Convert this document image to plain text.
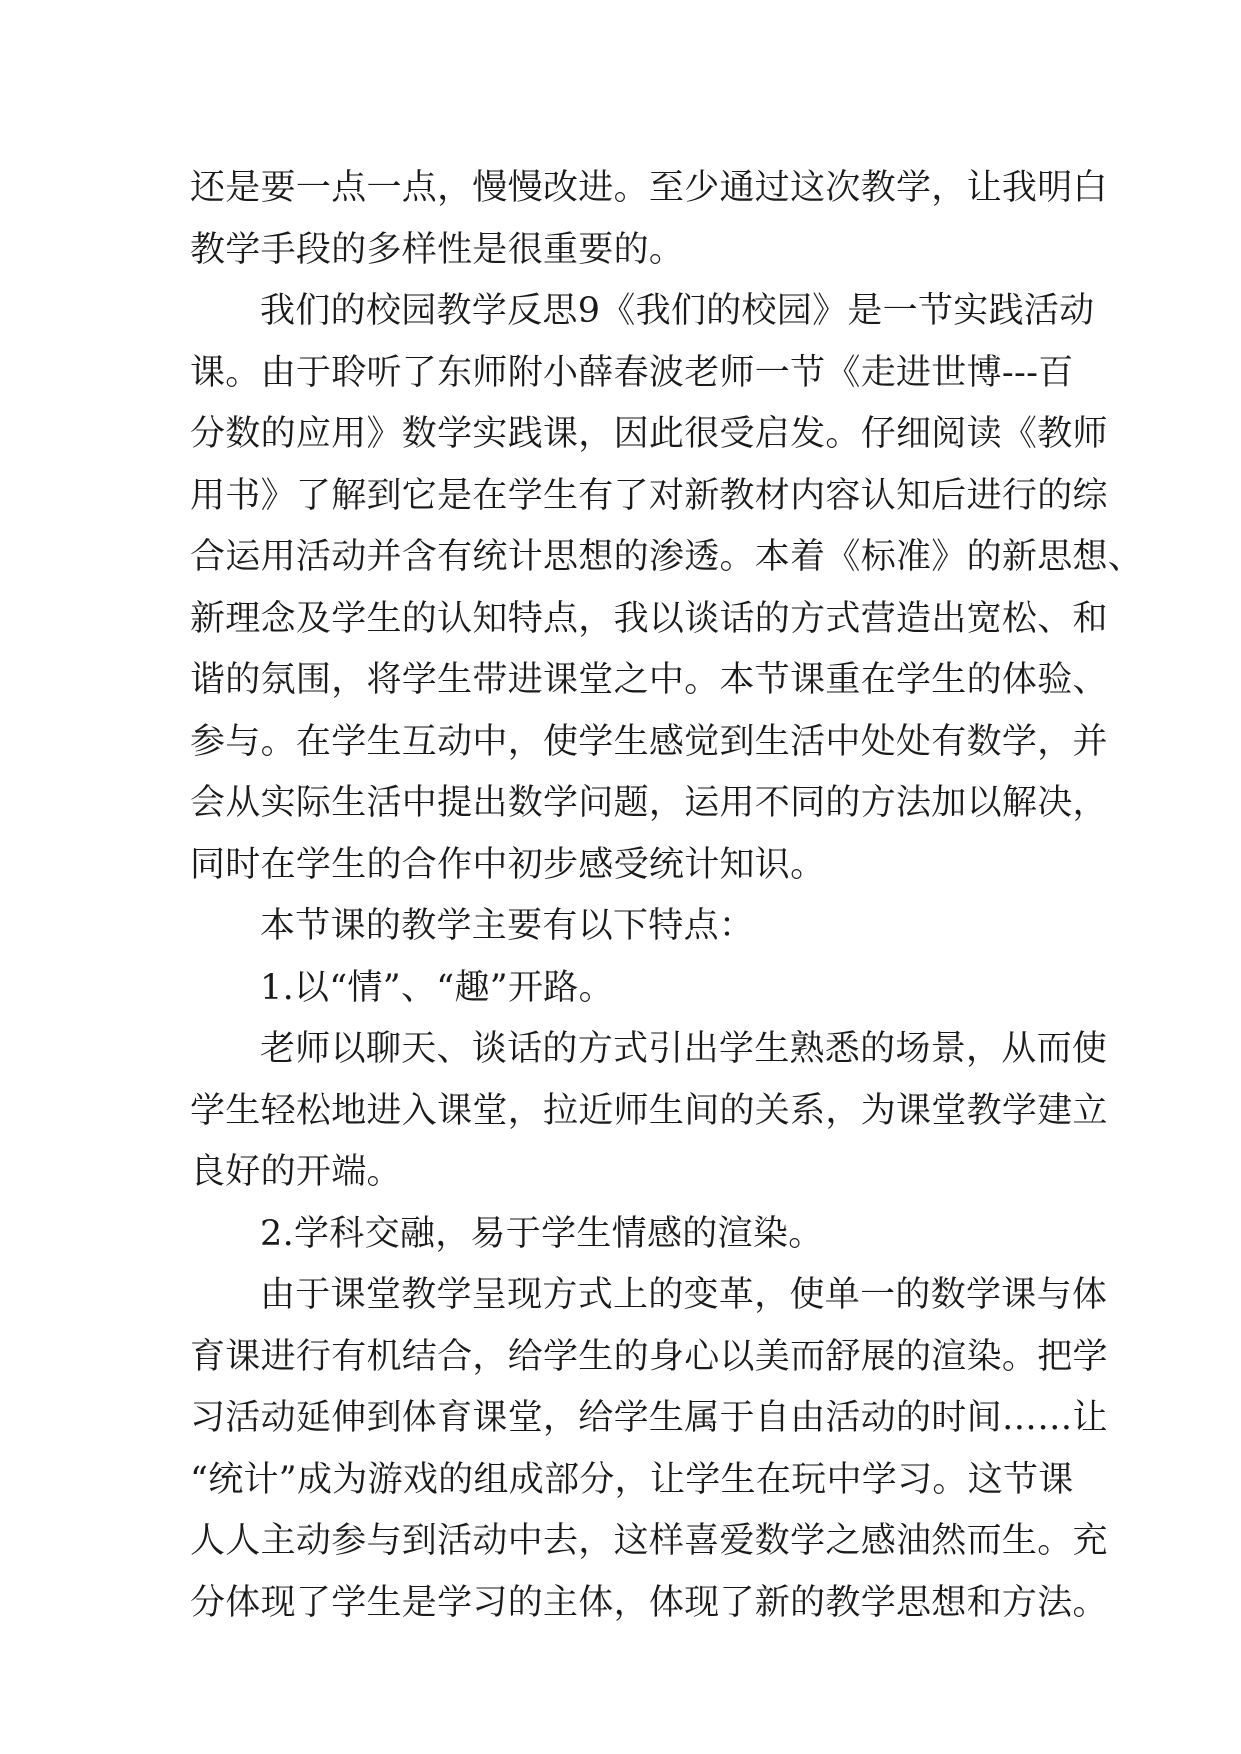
还是要一点一点，慢慢改进。至少通过这次教学，让我明白
教学手段的多样性是很重要的。
我们的校园教学反思9《我们的校园》是一节实践活动
课。由于聆听了东师附小薛春波老师一节《走进世博---百
分数的应用》数学实践课，因此很受启发。仔细阅读《教师
用书》了解到它是在学生有了对新教材内容认知后进行的综
合运用活动并含有统计思想的渗透。本着《标准》的新思想、
新理念及学生的认知特点，我以谈话的方式营造出宽松、和
谐的氛围，将学生带进课堂之中。本节课重在学生的体验、
参与。在学生互动中，使学生感觉到生活中处处有数学，并
会从实际生活中提出数学问题，运用不同的方法加以解决，
同时在学生的合作中初步感受统计知识。
本节课的教学主要有以下特点：
1.以“情”、“趣”开路。
老师以聊天、谈话的方式引出学生熟悉的场景，从而使
学生轻松地进入课堂，拉近师生间的关系，为课堂教学建立
良好的开端。
2.学科交融，易于学生情感的渲染。
由于课堂教学呈现方式上的变革，使单一的数学课与体
育课进行有机结合，给学生的身心以美而舒展的渲染。把学
习活动延伸到体育课堂，给学生属于自由活动的时间……让
“统计”成为游戏的组成部分，让学生在玩中学习。这节课
人人主动参与到活动中去，这样喜爱数学之感油然而生。充
分体现了学生是学习的主体，体现了新的教学思想和方法。
